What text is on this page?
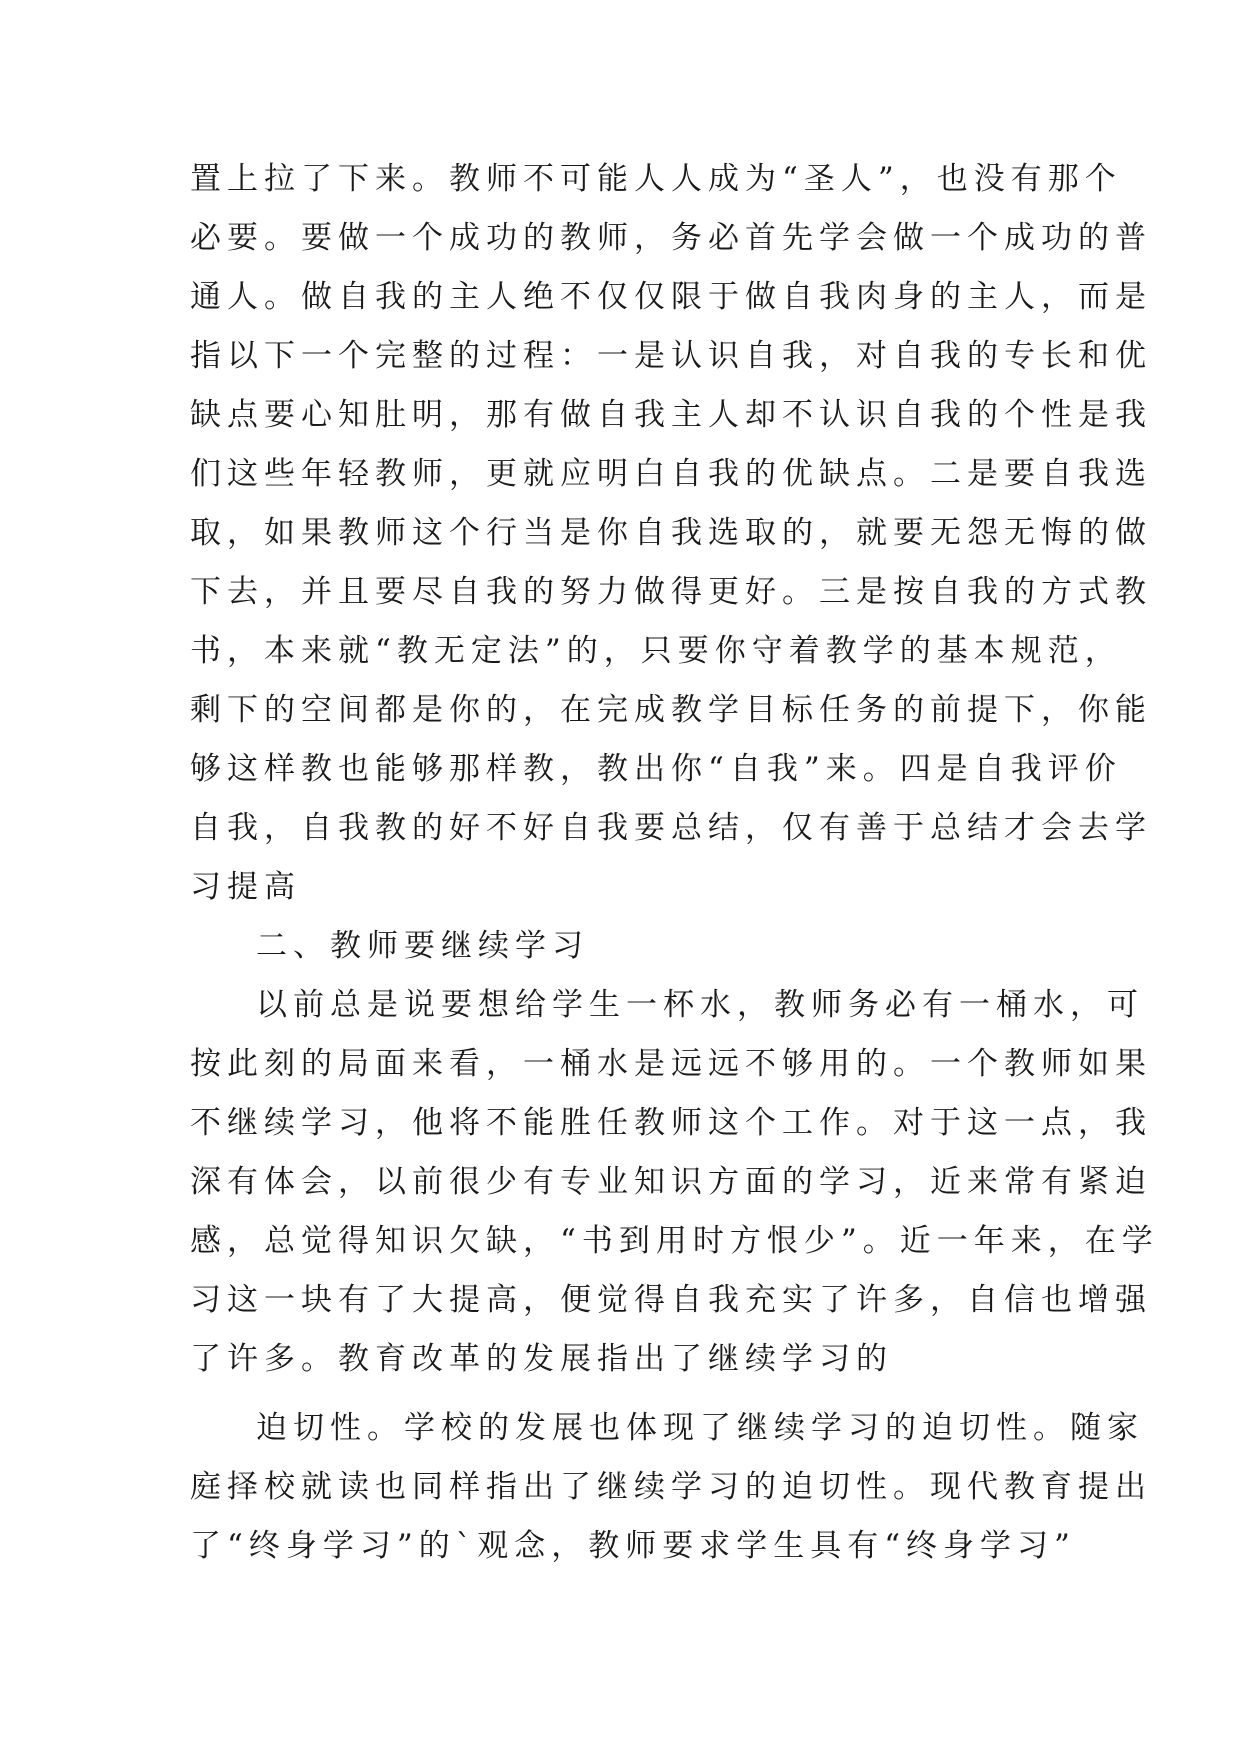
置上拉了下来。教师不可能人人成为“圣人”，也没有那个
必要。要做一个成功的教师，务必首先学会做一个成功的普
通人。做自我的主人绝不仅仅限于做自我肉身的主人，而是
指以下一个完整的过程：一是认识自我，对自我的专长和优
缺点要心知肚明，那有做自我主人却不认识自我的个性是我
们这些年轻教师，更就应明白自我的优缺点。二是要自我选
取，如果教师这个行当是你自我选取的，就要无怨无悔的做
下去，并且要尽自我的努力做得更好。三是按自我的方式教
书，本来就“教无定法”的，只要你守着教学的基本规范，
剩下的空间都是你的，在完成教学目标任务的前提下，你能
够这样教也能够那样教，教出你“自我”来。四是自我评价
自我，自我教的好不好自我要总结，仅有善于总结才会去学
习提高
二、教师要继续学习
以前总是说要想给学生一杯水，教师务必有一桶水，可
按此刻的局面来看，一桶水是远远不够用的。一个教师如果
不继续学习，他将不能胜任教师这个工作。对于这一点，我
深有体会，以前很少有专业知识方面的学习，近来常有紧迫
感，总觉得知识欠缺，“书到用时方恨少”。近一年来，在学
习这一块有了大提高，便觉得自我充实了许多，自信也增强
了许多。教育改革的发展指出了继续学习的
迫切性。学校的发展也体现了继续学习的迫切性。随家
庭择校就读也同样指出了继续学习的迫切性。现代教育提出
了“终身学习”的`观念，教师要求学生具有“终身学习”
